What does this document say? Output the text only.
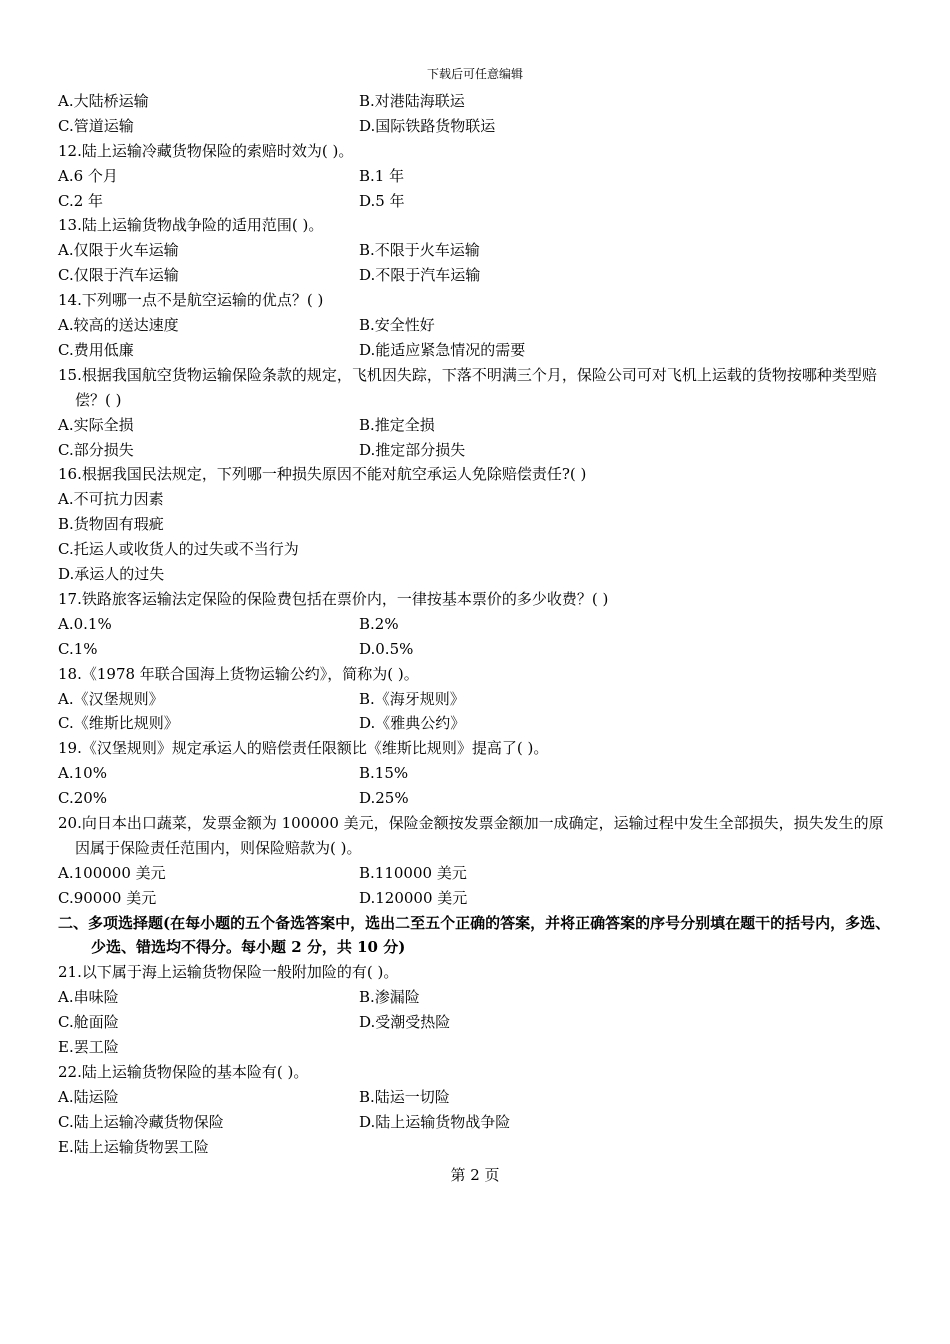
下载后可任意编辑
A.大陆桥运输	B.对港陆海联运
C.管道运输	D.国际铁路货物联运
12.陆上运输冷藏货物保险的索赔时效为( )。
A.6 个月	B.1 年
C.2 年	D.5 年
13.陆上运输货物战争险的适用范围( )。
A.仅限于火车运输	B.不限于火车运输
C.仅限于汽车运输	D.不限于汽车运输
14.下列哪一点不是航空运输的优点？( )
A.较高的送达速度	B.安全性好
C.费用低廉	D.能适应紧急情况的需要
15.根据我国航空货物运输保险条款的规定，飞机因失踪，下落不明满三个月，保险公司可对飞机上运载的货物按哪种类型赔偿？( )
A.实际全损	B.推定全损
C.部分损失	D.推定部分损失
16.根据我国民法规定，下列哪一种损失原因不能对航空承运人免除赔偿责任?( )
A.不可抗力因素
B.货物固有瑕疵
C.托运人或收货人的过失或不当行为
D.承运人的过失
17.铁路旅客运输法定保险的保险费包括在票价内，一律按基本票价的多少收费？( )
A.0.1%	B.2%
C.1%	D.0.5%
18.《1978 年联合国海上货物运输公约》，简称为( )。
A.《汉堡规则》	B.《海牙规则》
C.《维斯比规则》	D.《雅典公约》
19.《汉堡规则》规定承运人的赔偿责任限额比《维斯比规则》提高了( )。
A.10%	B.15%
C.20%	D.25%
20.向日本出口蔬菜，发票金额为 100000 美元，保险金额按发票金额加一成确定，运输过程中发生全部损失，损失发生的原因属于保险责任范围内，则保险赔款为( )。
A.100000 美元	B.110000 美元
C.90000 美元	D.120000 美元
二、多项选择题(在每小题的五个备选答案中，选出二至五个正确的答案，并将正确答案的序号分别填在题干的括号内，多选、少选、错选均不得分。每小题 2 分，共 10 分)
21.以下属于海上运输货物保险一般附加险的有( )。
A.串味险	B.渗漏险
C.舱面险	D.受潮受热险
E.罢工险
22.陆上运输货物保险的基本险有( )。
A.陆运险	B.陆运一切险
C.陆上运输冷藏货物保险	D.陆上运输货物战争险
E.陆上运输货物罢工险
第 2 页
